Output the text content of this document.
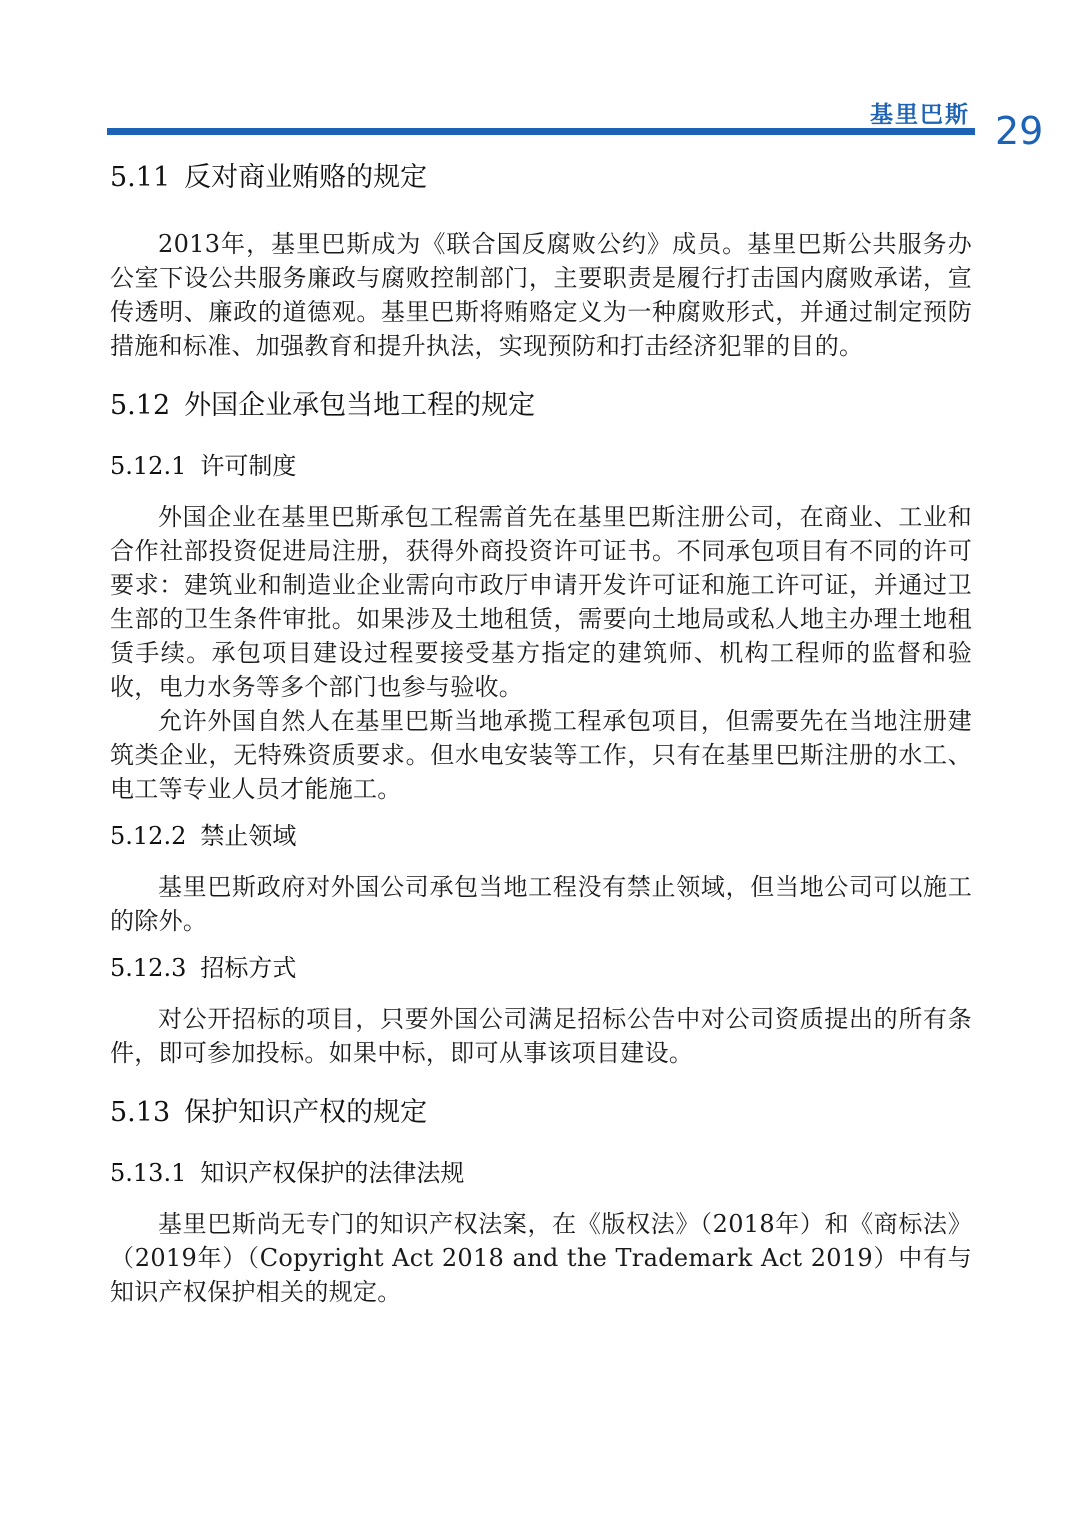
基里巴斯 29
5.11 反对商业贿赂的规定

2013年，基里巴斯成为《联合国反腐败公约》成员。基里巴斯公共服务办公室下设公共服务廉政与腐败控制部门，主要职责是履行打击国内腐败承诺，宣传透明、廉政的道德观。基里巴斯将贿赂定义为一种腐败形式，并通过制定预防措施和标准、加强教育和提升执法，实现预防和打击经济犯罪的目的。

5.12 外国企业承包当地工程的规定
5.12.1 许可制度

外国企业在基里巴斯承包工程需首先在基里巴斯注册公司，在商业、工业和合作社部投资促进局注册，获得外商投资许可证书。不同承包项目有不同的许可要求：建筑业和制造业企业需向市政厅申请开发许可证和施工许可证，并通过卫生部的卫生条件审批。如果涉及土地租赁，需要向土地局或私人地主办理土地租赁手续。承包项目建设过程要接受基方指定的建筑师、机构工程师的监督和验收，电力水务等多个部门也参与验收。

允许外国自然人在基里巴斯当地承揽工程承包项目，但需要先在当地注册建筑类企业，无特殊资质要求。但水电安装等工作，只有在基里巴斯注册的水工、电工等专业人员才能施工。

5.12.2 禁止领域

基里巴斯政府对外国公司承包当地工程没有禁止领域，但当地公司可以施工的除外。

5.12.3 招标方式

对公开招标的项目，只要外国公司满足招标公告中对公司资质提出的所有条件，即可参加投标。如果中标，即可从事该项目建设。

5.13 保护知识产权的规定
5.13.1 知识产权保护的法律法规

基里巴斯尚无专门的知识产权法案，在《版权法》（2018年）和《商标法》（2019年）（Copyright Act 2018 and the Trademark Act 2019）中有与知识产权保护相关的规定。
